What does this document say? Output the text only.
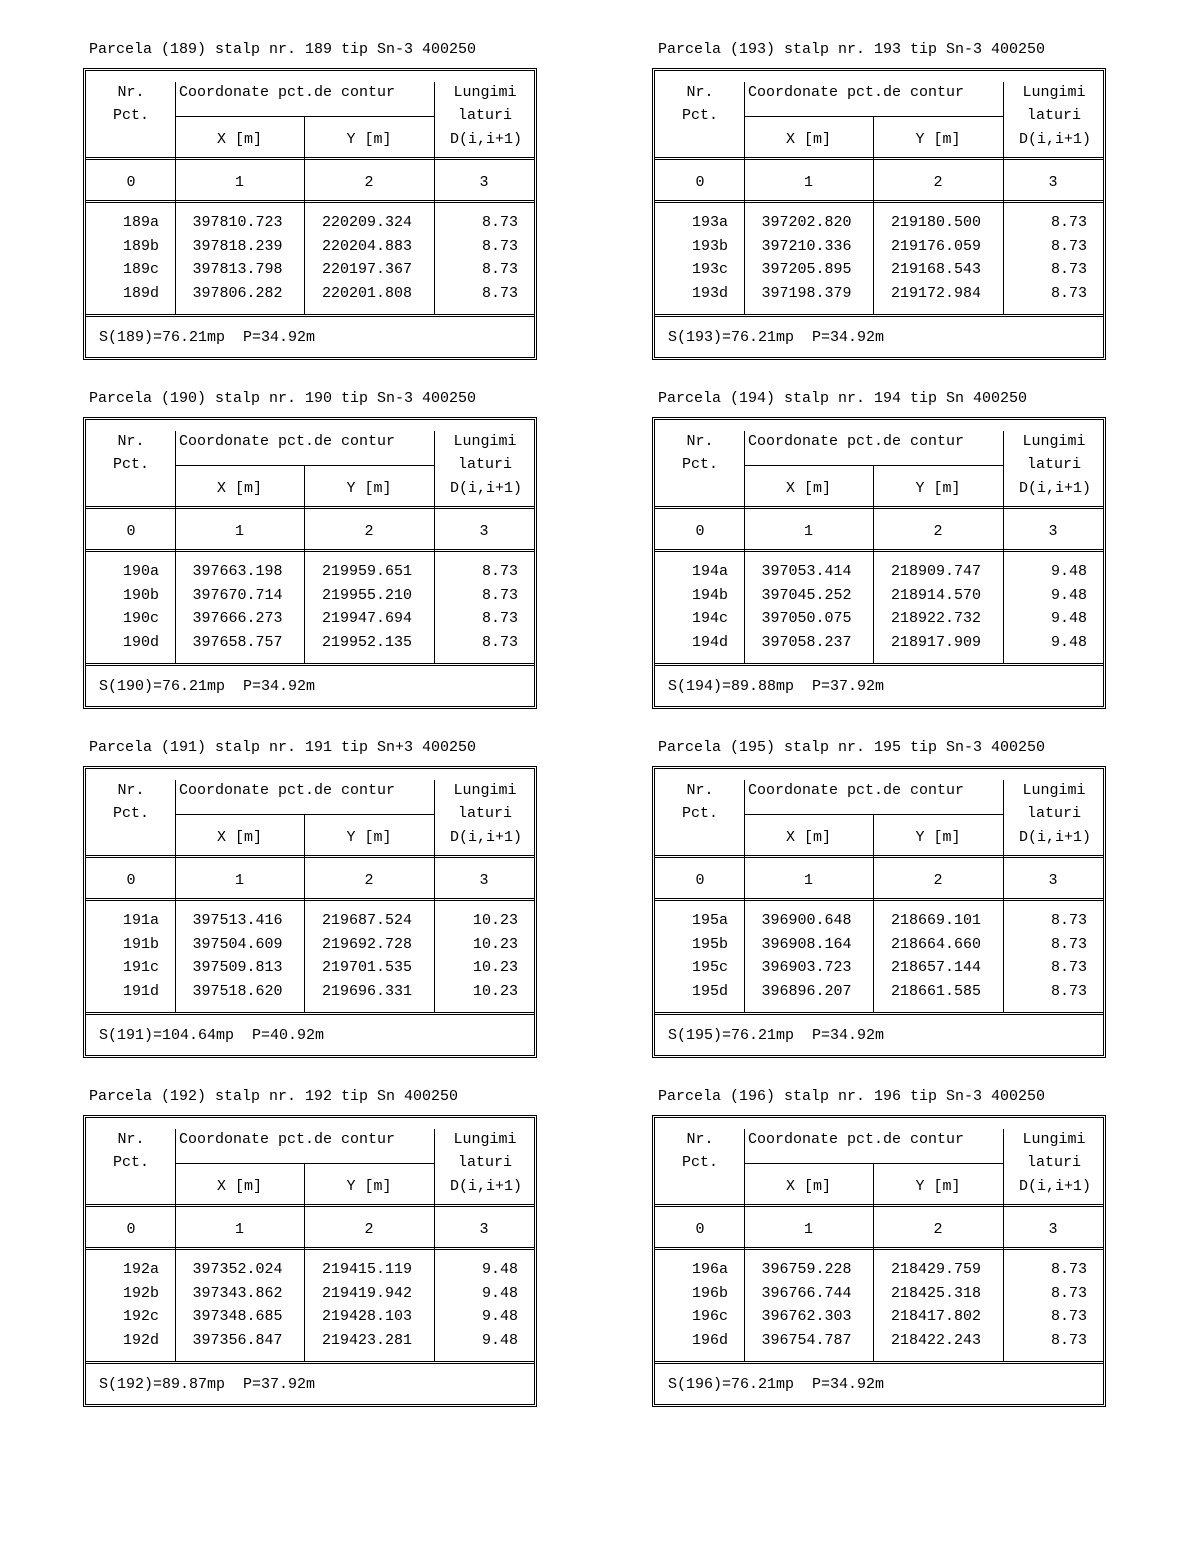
Parcela (189) stalp nr. 189 tip Sn-3 400250
Nr.
Pct.
Coordonate pct.de contur	Lungimi
laturi
X [m]	Y [m]	D(i,i+1)
0	1	2	3
189a	397810.723	220209.324	8.73
189b	397818.239	220204.883	8.73
189c	397813.798	220197.367	8.73
189d	397806.282	220201.808	8.73
S(189)=76.21mp  P=34.92m
Parcela (193) stalp nr. 193 tip Sn-3 400250
Nr.
Pct.
Coordonate pct.de contur	Lungimi
laturi
X [m]	Y [m]	D(i,i+1)
0	1	2	3
193a	397202.820	219180.500	8.73
193b	397210.336	219176.059	8.73
193c	397205.895	219168.543	8.73
193d	397198.379	219172.984	8.73
S(193)=76.21mp  P=34.92m
Parcela (190) stalp nr. 190 tip Sn-3 400250
Nr.
Pct.
Coordonate pct.de contur	Lungimi
laturi
X [m]	Y [m]	D(i,i+1)
0	1	2	3
190a	397663.198	219959.651	8.73
190b	397670.714	219955.210	8.73
190c	397666.273	219947.694	8.73
190d	397658.757	219952.135	8.73
S(190)=76.21mp  P=34.92m
Parcela (194) stalp nr. 194 tip Sn 400250
Nr.
Pct.
Coordonate pct.de contur	Lungimi
laturi
X [m]	Y [m]	D(i,i+1)
0	1	2	3
194a	397053.414	218909.747	9.48
194b	397045.252	218914.570	9.48
194c	397050.075	218922.732	9.48
194d	397058.237	218917.909	9.48
S(194)=89.88mp  P=37.92m
Parcela (191) stalp nr. 191 tip Sn+3 400250
Nr.
Pct.
Coordonate pct.de contur	Lungimi
laturi
X [m]	Y [m]	D(i,i+1)
0	1	2	3
191a	397513.416	219687.524	10.23
191b	397504.609	219692.728	10.23
191c	397509.813	219701.535	10.23
191d	397518.620	219696.331	10.23
S(191)=104.64mp  P=40.92m
Parcela (195) stalp nr. 195 tip Sn-3 400250
Nr.
Pct.
Coordonate pct.de contur	Lungimi
laturi
X [m]	Y [m]	D(i,i+1)
0	1	2	3
195a	396900.648	218669.101	8.73
195b	396908.164	218664.660	8.73
195c	396903.723	218657.144	8.73
195d	396896.207	218661.585	8.73
S(195)=76.21mp  P=34.92m
Parcela (192) stalp nr. 192 tip Sn 400250
Nr.
Pct.
Coordonate pct.de contur	Lungimi
laturi
X [m]	Y [m]	D(i,i+1)
0	1	2	3
192a	397352.024	219415.119	9.48
192b	397343.862	219419.942	9.48
192c	397348.685	219428.103	9.48
192d	397356.847	219423.281	9.48
S(192)=89.87mp  P=37.92m
Parcela (196) stalp nr. 196 tip Sn-3 400250
Nr.
Pct.
Coordonate pct.de contur	Lungimi
laturi
X [m]	Y [m]	D(i,i+1)
0	1	2	3
196a	396759.228	218429.759	8.73
196b	396766.744	218425.318	8.73
196c	396762.303	218417.802	8.73
196d	396754.787	218422.243	8.73
S(196)=76.21mp  P=34.92m
